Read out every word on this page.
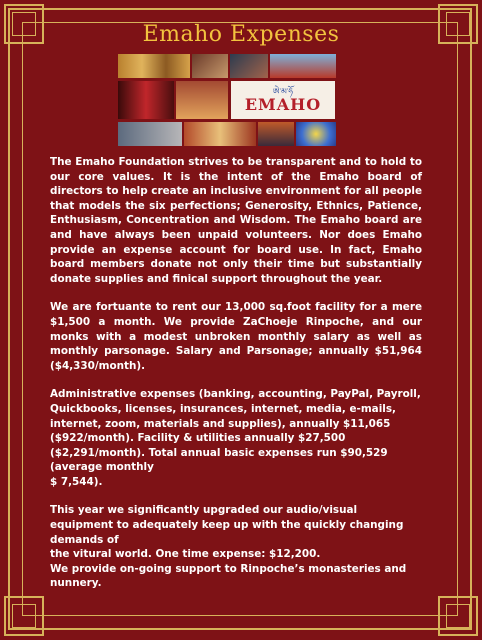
Emaho Expenses
ཨེ་མ་ཧོ
EMAHO

The Emaho Foundation strives to be transparent and to hold to our core values. It is the intent of the Emaho board of directors to help create an inclusive environment for all people that models the six perfections; Generosity, Ethnics, Patience, Enthusiasm, Concentration and Wisdom. The Emaho board are and have always been unpaid volunteers. Nor does Emaho provide an expense account for board use. In fact, Emaho board members donate not only their time but substantially donate supplies and finical support throughout the year.

We are fortuante to rent our 13,000 sq.foot facility for a mere $1,500 a month. We provide ZaChoeje Rinpoche, and our monks with a modest unbroken monthly salary as well as monthly parsonage. Salary and Parsonage; annually $51,964 ($4,330/month).

Administrative expenses (banking, accounting, PayPal, Payroll, Quickbooks, licenses, insurances, internet, media, e-mails, internet, zoom, materials and supplies), annually $11,065 ($922/month). Facility & utilities annually $27,500 ($2,291/month). Total annual basic expenses run $90,529 (average monthly
$ 7,544).

This year we significantly upgraded our audio/visual equipment to adequately keep up with the quickly changing demands of
the vitural world. One time expense: $12,200.
We provide on-going support to Rinpoche’s monasteries and
nunnery.
